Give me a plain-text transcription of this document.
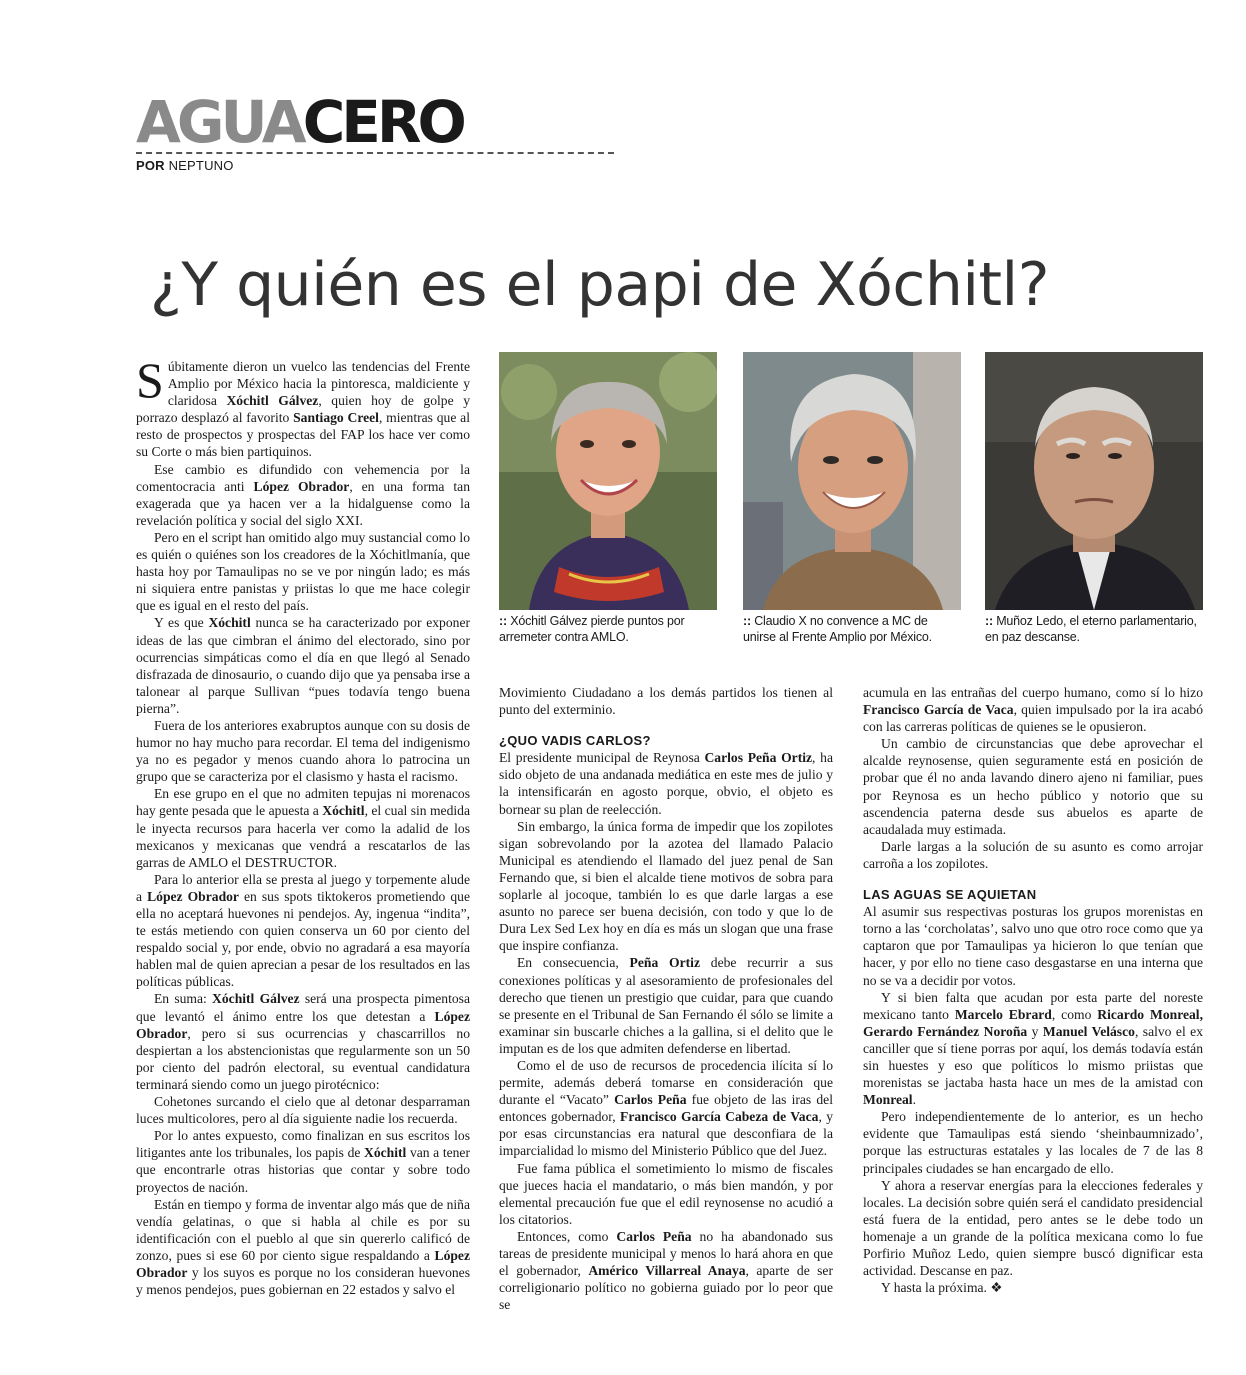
AGUACERO
POR NEPTUNO
¿Y quién es el papi de Xóchitl?
:: Xóchitl Gálvez pierde puntos por arremeter contra AMLO.
:: Claudio X no convence a MC de unirse al Frente Amplio por México.
:: Muñoz Ledo, el eterno parlamentario, en paz descanse.

Súbitamente dieron un vuelco las tendencias del Frente Amplio por México hacia la pintoresca, maldiciente y claridosa Xóchitl Gálvez, quien hoy de golpe y porrazo desplazó al favorito Santiago Creel, mientras que al resto de prospectos y prospectas del FAP los hace ver como su Corte o más bien partiquinos.

Ese cambio es difundido con vehemencia por la comentocracia anti López Obrador, en una forma tan exagerada que ya hacen ver a la hidalguense como la revelación política y social del siglo XXI.

Pero en el script han omitido algo muy sustancial como lo es quién o quiénes son los creadores de la Xóchitlmanía, que hasta hoy por Tamaulipas no se ve por ningún lado; es más ni siquiera entre panistas y priistas lo que me hace colegir que es igual en el resto del país.

Y es que Xóchitl nunca se ha caracterizado por exponer ideas de las que cimbran el ánimo del electorado, sino por ocurrencias simpáticas como el día en que llegó al Senado disfrazada de dinosaurio, o cuando dijo que ya pensaba irse a talonear al parque Sullivan “pues todavía tengo buena pierna”.

Fuera de los anteriores exabruptos aunque con su dosis de humor no hay mucho para recordar. El tema del indigenismo ya no es pegador y menos cuando ahora lo patrocina un grupo que se caracteriza por el clasismo y hasta el racismo.

En ese grupo en el que no admiten tepujas ni morenacos hay gente pesada que le apuesta a Xóchitl, el cual sin medida le inyecta recursos para hacerla ver como la adalid de los mexicanos y mexicanas que vendrá a rescatarlos de las garras de AMLO el DESTRUCTOR.

Para lo anterior ella se presta al juego y torpemente alude a López Obrador en sus spots tiktokeros prometiendo que ella no aceptará huevones ni pendejos. Ay, ingenua “indita”, te estás metiendo con quien conserva un 60 por ciento del respaldo social y, por ende, obvio no agradará a esa mayoría hablen mal de quien aprecian a pesar de los resultados en las políticas públicas.

En suma: Xóchitl Gálvez será una prospecta pimentosa que levantó el ánimo entre los que detestan a López Obrador, pero si sus ocurrencias y chascarrillos no despiertan a los abstencionistas que regularmente son un 50 por ciento del padrón electoral, su eventual candidatura terminará siendo como un juego pirotécnico:

Cohetones surcando el cielo que al detonar desparraman luces multicolores, pero al día siguiente nadie los recuerda.

Por lo antes expuesto, como finalizan en sus escritos los litigantes ante los tribunales, los papis de Xóchitl van a tener que encontrarle otras historias que contar y sobre todo proyectos de nación.

Están en tiempo y forma de inventar algo más que de niña vendía gelatinas, o que si habla al chile es por su identificación con el pueblo al que sin quererlo calificó de zonzo, pues si ese 60 por ciento sigue respaldando a López Obrador y los suyos es porque no los consideran huevones y menos pendejos, pues gobiernan en 22 estados y salvo el

Movimiento Ciudadano a los demás partidos los tienen al punto del exterminio.

¿QUO VADIS CARLOS?

El presidente municipal de Reynosa Carlos Peña Ortiz, ha sido objeto de una andanada mediática en este mes de julio y la intensificarán en agosto porque, obvio, el objeto es bornear su plan de reelección.

Sin embargo, la única forma de impedir que los zopilotes sigan sobrevolando por la azotea del llamado Palacio Municipal es atendiendo el llamado del juez penal de San Fernando que, si bien el alcalde tiene motivos de sobra para soplarle al jocoque, también lo es que darle largas a ese asunto no parece ser buena decisión, con todo y que lo de Dura Lex Sed Lex hoy en día es más un slogan que una frase que inspire confianza.

En consecuencia, Peña Ortiz debe recurrir a sus conexiones políticas y al asesoramiento de profesionales del derecho que tienen un prestigio que cuidar, para que cuando se presente en el Tribunal de San Fernando él sólo se limite a examinar sin buscarle chiches a la gallina, si el delito que le imputan es de los que admiten defenderse en libertad.

Como el de uso de recursos de procedencia ilícita sí lo permite, además deberá tomarse en consideración que durante el “Vacato” Carlos Peña fue objeto de las iras del entonces gobernador, Francisco García Cabeza de Vaca, y por esas circunstancias era natural que desconfiara de la imparcialidad lo mismo del Ministerio Público que del Juez.

Fue fama pública el sometimiento lo mismo de fiscales que jueces hacia el mandatario, o más bien mandón, y por elemental precaución fue que el edil reynosense no acudió a los citatorios.

Entonces, como Carlos Peña no ha abandonado sus tareas de presidente municipal y menos lo hará ahora en que el gobernador, Américo Villarreal Anaya, aparte de ser correligionario político no gobierna guiado por lo peor que se

acumula en las entrañas del cuerpo humano, como sí lo hizo Francisco García de Vaca, quien impulsado por la ira acabó con las carreras políticas de quienes se le opusieron.

Un cambio de circunstancias que debe aprovechar el alcalde reynosense, quien seguramente está en posición de probar que él no anda lavando dinero ajeno ni familiar, pues por Reynosa es un hecho público y notorio que su ascendencia paterna desde sus abuelos es aparte de acaudalada muy estimada.

Darle largas a la solución de su asunto es como arrojar carroña a los zopilotes.

LAS AGUAS SE AQUIETAN

Al asumir sus respectivas posturas los grupos morenistas en torno a las ‘corcholatas’, salvo uno que otro roce como que ya captaron que por Tamaulipas ya hicieron lo que tenían que hacer, y por ello no tiene caso desgastarse en una interna que no se va a decidir por votos.

Y si bien falta que acudan por esta parte del noreste mexicano tanto Marcelo Ebrard, como Ricardo Monreal, Gerardo Fernández Noroña y Manuel Velásco, salvo el ex canciller que sí tiene porras por aquí, los demás todavía están sin huestes y eso que políticos lo mismo priistas que morenistas se jactaba hasta hace un mes de la amistad con Monreal.

Pero independientemente de lo anterior, es un hecho evidente que Tamaulipas está siendo ‘sheinbaumnizado’, porque las estructuras estatales y las locales de 7 de las 8 principales ciudades se han encargado de ello.

Y ahora a reservar energías para la elecciones federales y locales. La decisión sobre quién será el candidato presidencial está fuera de la entidad, pero antes se le debe todo un homenaje a un grande de la política mexicana como lo fue Porfirio Muñoz Ledo, quien siempre buscó dignificar esta actividad. Descanse en paz.

Y hasta la próxima. ❖
